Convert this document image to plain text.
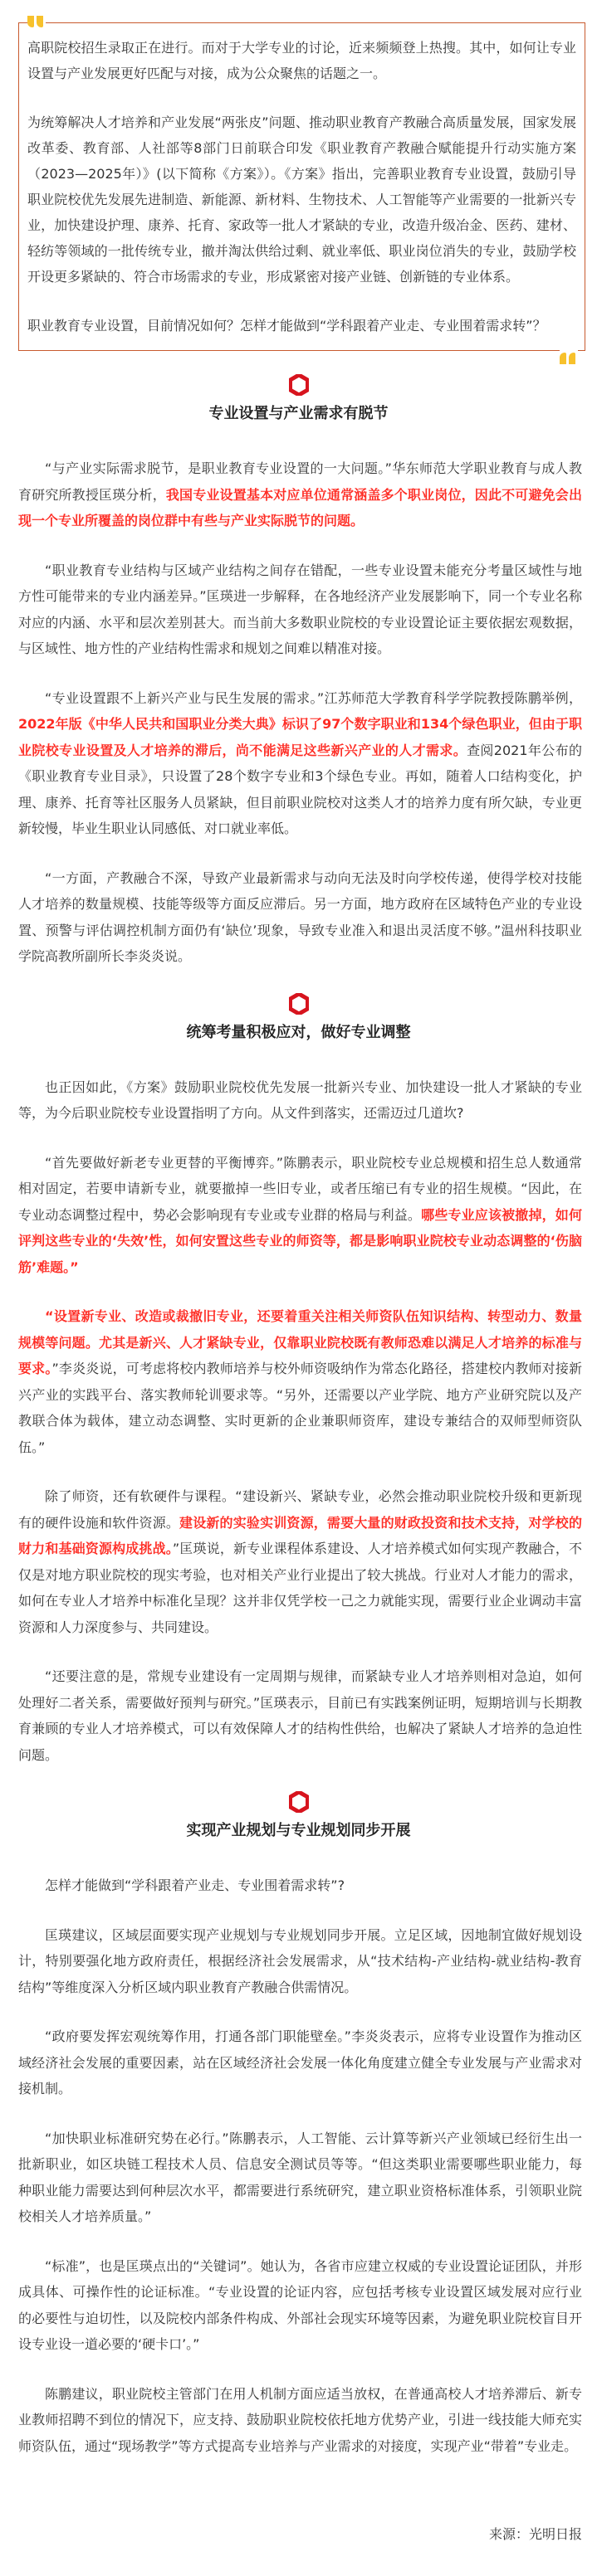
高职院校招生录取正在进行。而对于大学专业的讨论，近来频频登上热搜。其中，如何让专业设置与产业发展更好匹配与对接，成为公众聚焦的话题之一。

为统筹解决人才培养和产业发展“两张皮”问题、推动职业教育产教融合高质量发展，国家发展改革委、教育部、人社部等8部门日前联合印发《职业教育产教融合赋能提升行动实施方案（2023—2025年）》(以下简称《方案》）。《方案》指出，完善职业教育专业设置，鼓励引导职业院校优先发展先进制造、新能源、新材料、生物技术、人工智能等产业需要的一批新兴专业，加快建设护理、康养、托育、家政等一批人才紧缺的专业，改造升级冶金、医药、建材、轻纺等领域的一批传统专业，撤并淘汰供给过剩、就业率低、职业岗位消失的专业，鼓励学校开设更多紧缺的、符合市场需求的专业，形成紧密对接产业链、创新链的专业体系。

职业教育专业设置，目前情况如何？怎样才能做到“学科跟着产业走、专业围着需求转”？

专业设置与产业需求有脱节

“与产业实际需求脱节，是职业教育专业设置的一大问题。”华东师范大学职业教育与成人教育研究所教授匡瑛分析，我国专业设置基本对应单位通常涵盖多个职业岗位，因此不可避免会出现一个专业所覆盖的岗位群中有些与产业实际脱节的问题。

“职业教育专业结构与区域产业结构之间存在错配，一些专业设置未能充分考量区域性与地方性可能带来的专业内涵差异。”匡瑛进一步解释，在各地经济产业发展影响下，同一个专业名称对应的内涵、水平和层次差别甚大。而当前大多数职业院校的专业设置论证主要依据宏观数据，与区域性、地方性的产业结构性需求和规划之间难以精准对接。

“专业设置跟不上新兴产业与民生发展的需求。”江苏师范大学教育科学学院教授陈鹏举例，2022年版《中华人民共和国职业分类大典》标识了97个数字职业和134个绿色职业，但由于职业院校专业设置及人才培养的滞后，尚不能满足这些新兴产业的人才需求。查阅2021年公布的《职业教育专业目录》，只设置了28个数字专业和3个绿色专业。再如，随着人口结构变化，护理、康养、托育等社区服务人员紧缺，但目前职业院校对这类人才的培养力度有所欠缺，专业更新较慢，毕业生职业认同感低、对口就业率低。

“一方面，产教融合不深，导致产业最新需求与动向无法及时向学校传递，使得学校对技能人才培养的数量规模、技能等级等方面反应滞后。另一方面，地方政府在区域特色产业的专业设置、预警与评估调控机制方面仍有‘缺位’现象，导致专业准入和退出灵活度不够。”温州科技职业学院高教所副所长李炎炎说。

统筹考量积极应对，做好专业调整

也正因如此，《方案》鼓励职业院校优先发展一批新兴专业、加快建设一批人才紧缺的专业等，为今后职业院校专业设置指明了方向。从文件到落实，还需迈过几道坎?

“首先要做好新老专业更替的平衡博弈。”陈鹏表示，职业院校专业总规模和招生总人数通常相对固定，若要申请新专业，就要撤掉一些旧专业，或者压缩已有专业的招生规模。“因此，在专业动态调整过程中，势必会影响现有专业或专业群的格局与利益。哪些专业应该被撤掉，如何评判这些专业的‘失效’性，如何安置这些专业的师资等，都是影响职业院校专业动态调整的‘伤脑筋’难题。”

“设置新专业、改造或裁撤旧专业，还要着重关注相关师资队伍知识结构、转型动力、数量规模等问题。尤其是新兴、人才紧缺专业，仅靠职业院校既有教师恐难以满足人才培养的标准与要求。”李炎炎说，可考虑将校内教师培养与校外师资吸纳作为常态化路径，搭建校内教师对接新兴产业的实践平台、落实教师轮训要求等。“另外，还需要以产业学院、地方产业研究院以及产教联合体为载体，建立动态调整、实时更新的企业兼职师资库，建设专兼结合的双师型师资队伍。”

除了师资，还有软硬件与课程。“建设新兴、紧缺专业，必然会推动职业院校升级和更新现有的硬件设施和软件资源。建设新的实验实训资源，需要大量的财政投资和技术支持，对学校的财力和基础资源构成挑战。”匡瑛说，新专业课程体系建设、人才培养模式如何实现产教融合，不仅是对地方职业院校的现实考验，也对相关产业行业提出了较大挑战。行业对人才能力的需求，如何在专业人才培养中标准化呈现？这并非仅凭学校一己之力就能实现，需要行业企业调动丰富资源和人力深度参与、共同建设。

“还要注意的是，常规专业建设有一定周期与规律，而紧缺专业人才培养则相对急迫，如何处理好二者关系，需要做好预判与研究。”匡瑛表示，目前已有实践案例证明，短期培训与长期教育兼顾的专业人才培养模式，可以有效保障人才的结构性供给，也解决了紧缺人才培养的急迫性问题。

实现产业规划与专业规划同步开展

怎样才能做到“学科跟着产业走、专业围着需求转”?

匡瑛建议，区域层面要实现产业规划与专业规划同步开展。立足区域，因地制宜做好规划设计，特别要强化地方政府责任，根据经济社会发展需求，从“技术结构-产业结构-就业结构-教育结构”等维度深入分析区域内职业教育产教融合供需情况。

“政府要发挥宏观统筹作用，打通各部门职能壁垒。”李炎炎表示，应将专业设置作为推动区域经济社会发展的重要因素，站在区域经济社会发展一体化角度建立健全专业发展与产业需求对接机制。

“加快职业标准研究势在必行。”陈鹏表示，人工智能、云计算等新兴产业领域已经衍生出一批新职业，如区块链工程技术人员、信息安全测试员等等。“但这类职业需要哪些职业能力，每种职业能力需要达到何种层次水平，都需要进行系统研究，建立职业资格标准体系，引领职业院校相关人才培养质量。”

“标准”，也是匡瑛点出的“关键词”。她认为，各省市应建立权威的专业设置论证团队，并形成具体、可操作性的论证标准。“专业设置的论证内容，应包括考核专业设置区域发展对应行业的必要性与迫切性，以及院校内部条件构成、外部社会现实环境等因素，为避免职业院校盲目开设专业设一道必要的‘硬卡口’。”

陈鹏建议，职业院校主管部门在用人机制方面应适当放权，在普通高校人才培养滞后、新专业教师招聘不到位的情况下，应支持、鼓励职业院校依托地方优势产业，引进一线技能大师充实师资队伍，通过“现场教学”等方式提高专业培养与产业需求的对接度，实现产业“带着”专业走。

来源：光明日报
